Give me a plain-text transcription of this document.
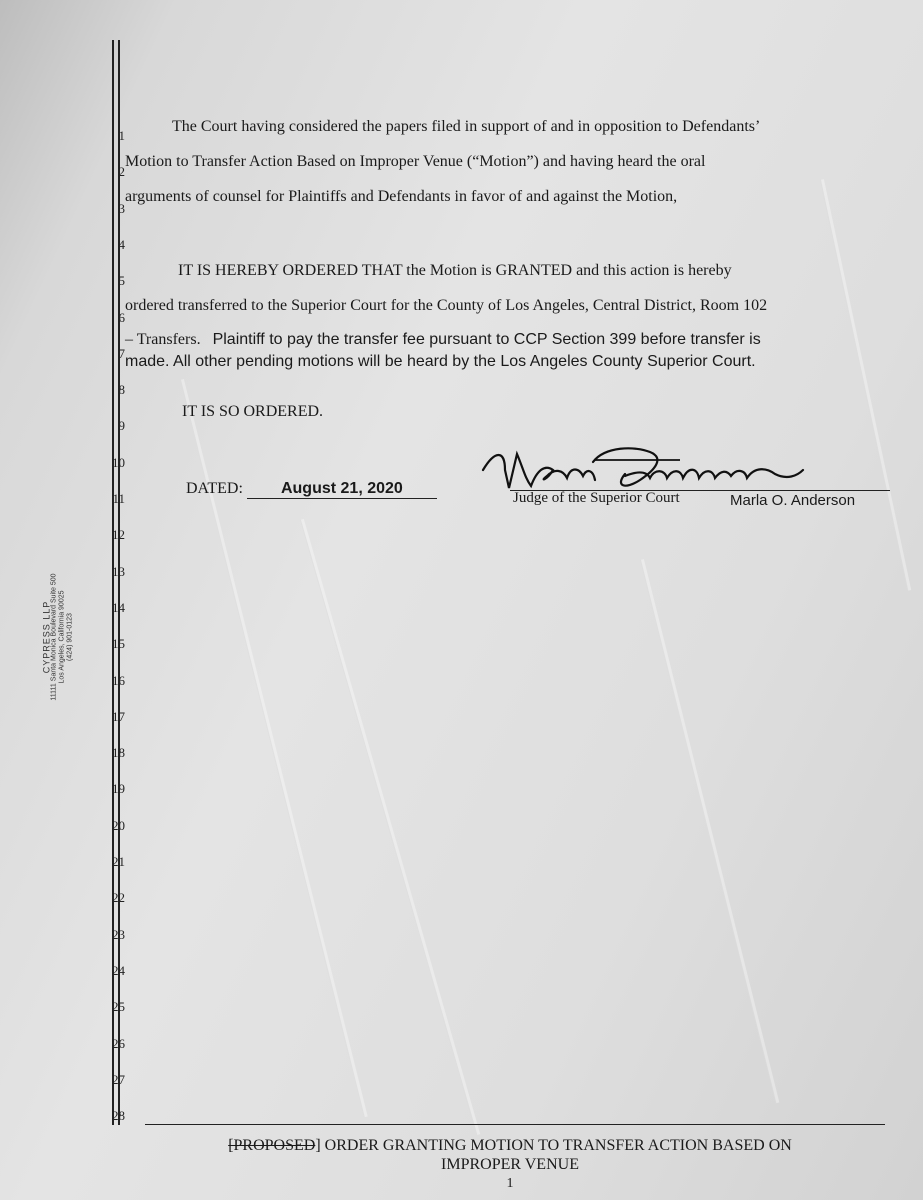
CYPRESS LLP 11111 Santa Monica Boulevard Suite 500 Los Angeles, California 90025 (424) 901-0123
1
2
3
4
5
6
7
8
9
10
11
12
13
14
15
16
17
18
19
20
21
22
23
24
25
26
27
28
The Court having considered the papers filed in support of and in opposition to Defendants’
Motion to Transfer Action Based on Improper Venue (“Motion”) and having heard the oral
arguments of counsel for Plaintiffs and Defendants in favor of and against the Motion,
IT IS HEREBY ORDERED THAT the Motion is GRANTED and this action is hereby
ordered transferred to the Superior Court for the County of Los Angeles, Central District, Room 102
– Transfers. Plaintiff to pay the transfer fee pursuant to CCP Section 399 before transfer is
made. All other pending motions will be heard by the Los Angeles County Superior Court.
IT IS SO ORDERED.
DATED: August 21, 2020
Judge of the Superior Court	Marla O. Anderson
[PROPOSED] ORDER GRANTING MOTION TO TRANSFER ACTION BASED ON
IMPROPER VENUE
1
